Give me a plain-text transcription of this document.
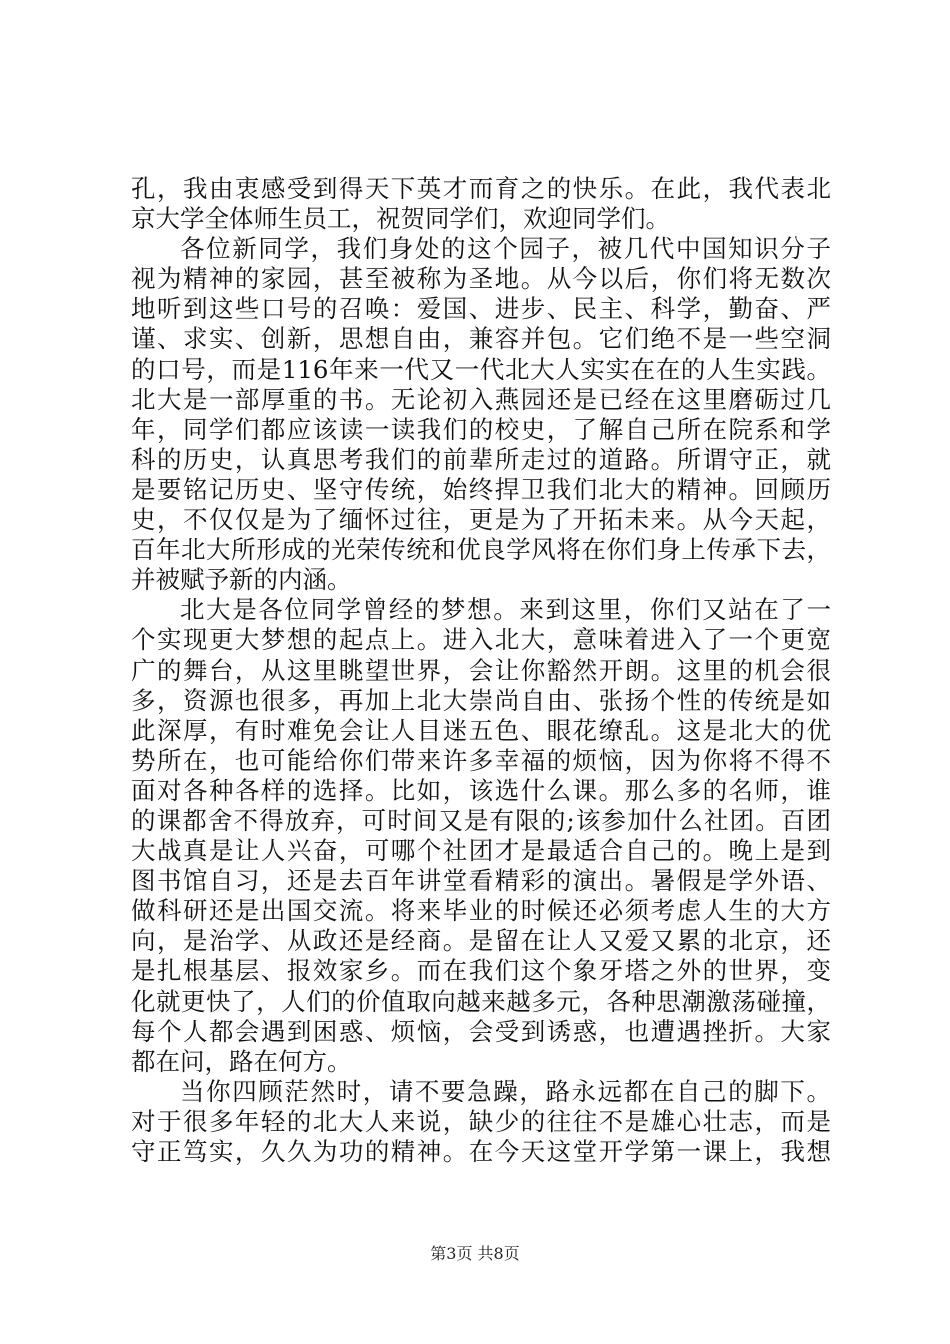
孔，我由衷感受到得天下英才而育之的快乐。在此，我代表北
京大学全体师生员工，祝贺同学们，欢迎同学们。
各位新同学，我们身处的这个园子，被几代中国知识分子
视为精神的家园，甚至被称为圣地。从今以后，你们将无数次
地听到这些口号的召唤：爱国、进步、民主、科学，勤奋、严
谨、求实、创新，思想自由，兼容并包。它们绝不是一些空洞
的口号，而是116年来一代又一代北大人实实在在的人生实践。
北大是一部厚重的书。无论初入燕园还是已经在这里磨砺过几
年，同学们都应该读一读我们的校史，了解自己所在院系和学
科的历史，认真思考我们的前辈所走过的道路。所谓守正，就
是要铭记历史、坚守传统，始终捍卫我们北大的精神。回顾历
史，不仅仅是为了缅怀过往，更是为了开拓未来。从今天起，
百年北大所形成的光荣传统和优良学风将在你们身上传承下去，
并被赋予新的内涵。
北大是各位同学曾经的梦想。来到这里，你们又站在了一
个实现更大梦想的起点上。进入北大，意味着进入了一个更宽
广的舞台，从这里眺望世界，会让你豁然开朗。这里的机会很
多，资源也很多，再加上北大崇尚自由、张扬个性的传统是如
此深厚，有时难免会让人目迷五色、眼花缭乱。这是北大的优
势所在，也可能给你们带来许多幸福的烦恼，因为你将不得不
面对各种各样的选择。比如，该选什么课。那么多的名师，谁
的课都舍不得放弃，可时间又是有限的;该参加什么社团。百团
大战真是让人兴奋，可哪个社团才是最适合自己的。晚上是到
图书馆自习，还是去百年讲堂看精彩的演出。暑假是学外语、
做科研还是出国交流。将来毕业的时候还必须考虑人生的大方
向，是治学、从政还是经商。是留在让人又爱又累的北京，还
是扎根基层、报效家乡。而在我们这个象牙塔之外的世界，变
化就更快了，人们的价值取向越来越多元，各种思潮激荡碰撞，
每个人都会遇到困惑、烦恼，会受到诱惑，也遭遇挫折。大家
都在问，路在何方。
当你四顾茫然时，请不要急躁，路永远都在自己的脚下。
对于很多年轻的北大人来说，缺少的往往不是雄心壮志，而是
守正笃实，久久为功的精神。在今天这堂开学第一课上，我想
第3页 共8页
